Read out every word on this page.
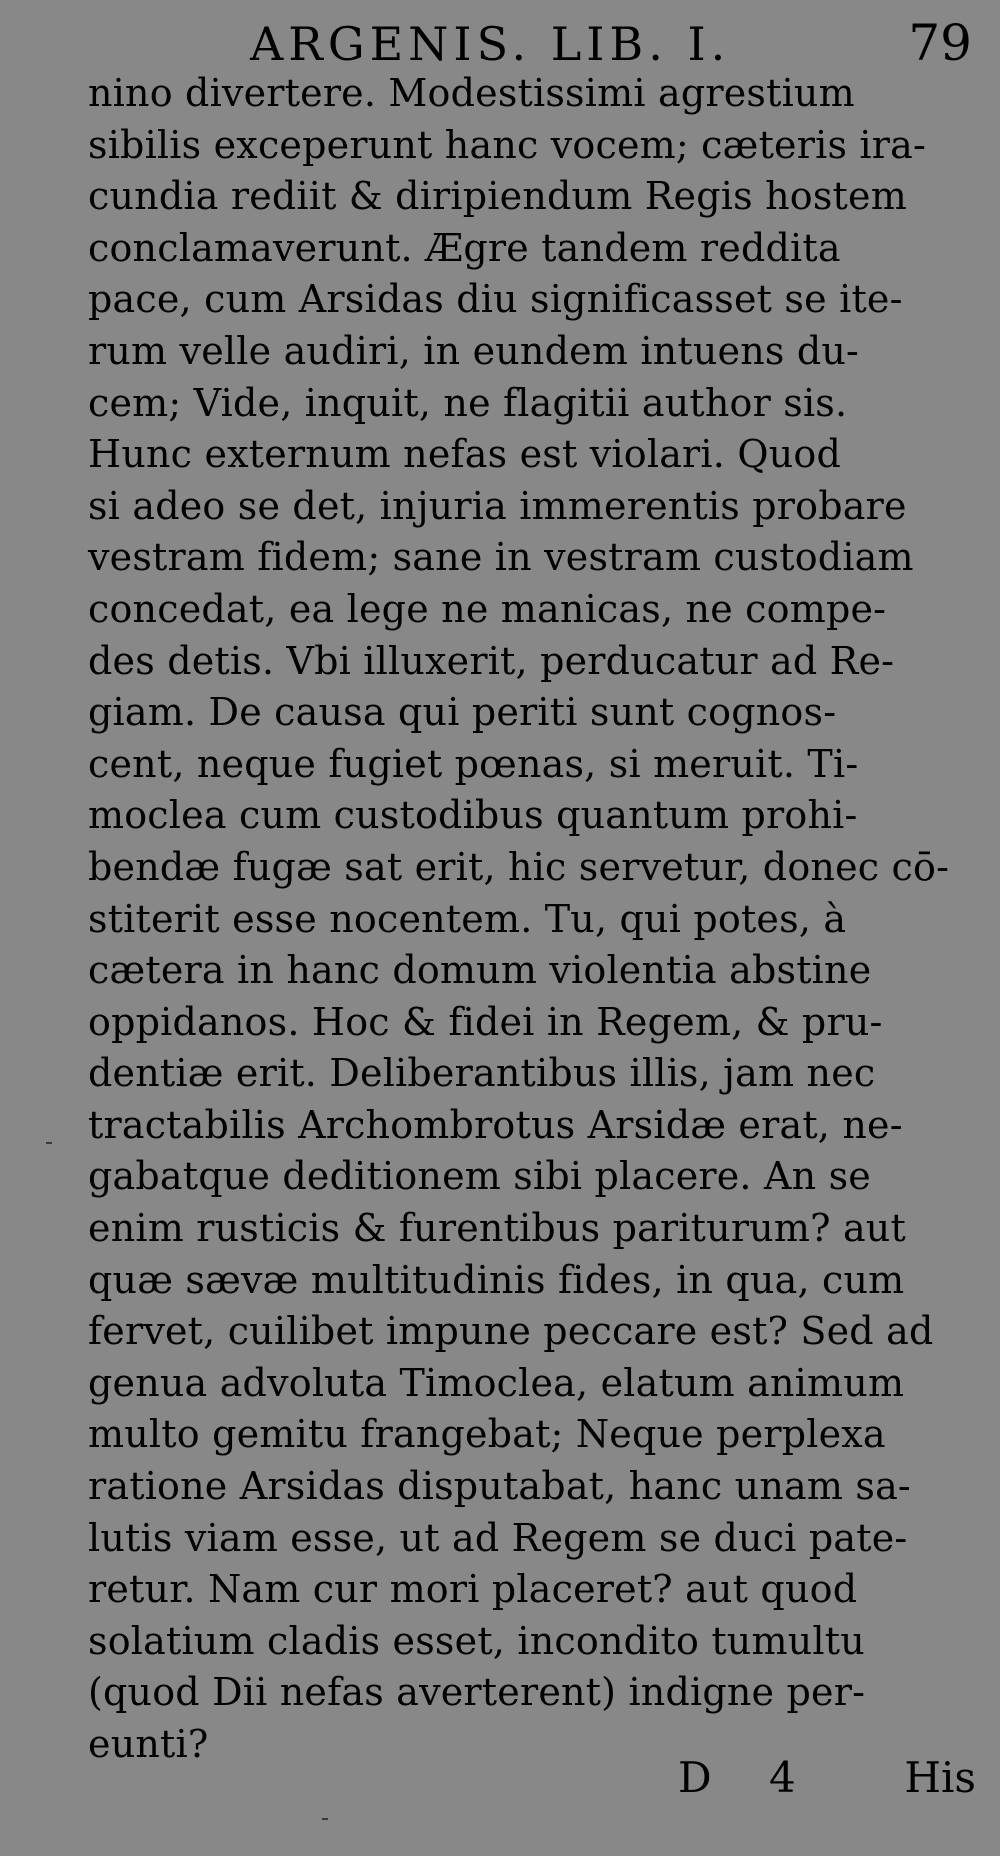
ARGENIS. LIB. I.	79
nino divertere. Modestissimi agrestium
sibilis exceperunt hanc vocem; cæteris ira-
cundia rediit & diripiendum Regis hostem
conclamaverunt. Ægre tandem reddita
pace, cum Arsidas diu significasset se ite-
rum velle audiri, in eundem intuens du-
cem; Vide, inquit, ne flagitii author sis.
Hunc externum nefas est violari. Quod
si adeo se det, injuria immerentis probare
vestram fidem; sane in vestram custodiam
concedat, ea lege ne manicas, ne compe-
des detis. Vbi illuxerit, perducatur ad Re-
giam. De causa qui periti sunt cognos-
cent, neque fugiet pœnas, si meruit. Ti-
moclea cum custodibus quantum prohi-
bendæ fugæ sat erit, hic servetur, donec cō-
stiterit esse nocentem. Tu, qui potes, à
cætera in hanc domum violentia abstine
oppidanos. Hoc & fidei in Regem, & pru-
dentiæ erit. Deliberantibus illis, jam nec
tractabilis Archombrotus Arsidæ erat, ne-
gabatque deditionem sibi placere. An se
enim rusticis & furentibus pariturum? aut
quæ sævæ multitudinis fides, in qua, cum
fervet, cuilibet impune peccare est? Sed ad
genua advoluta Timoclea, elatum animum
multo gemitu frangebat; Neque perplexa
ratione Arsidas disputabat, hanc unam sa-
lutis viam esse, ut ad Regem se duci pate-
retur. Nam cur mori placeret? aut quod
solatium cladis esset, incondito tumultu
(quod Dii nefas averterent) indigne per-
eunti?
D 4 His
